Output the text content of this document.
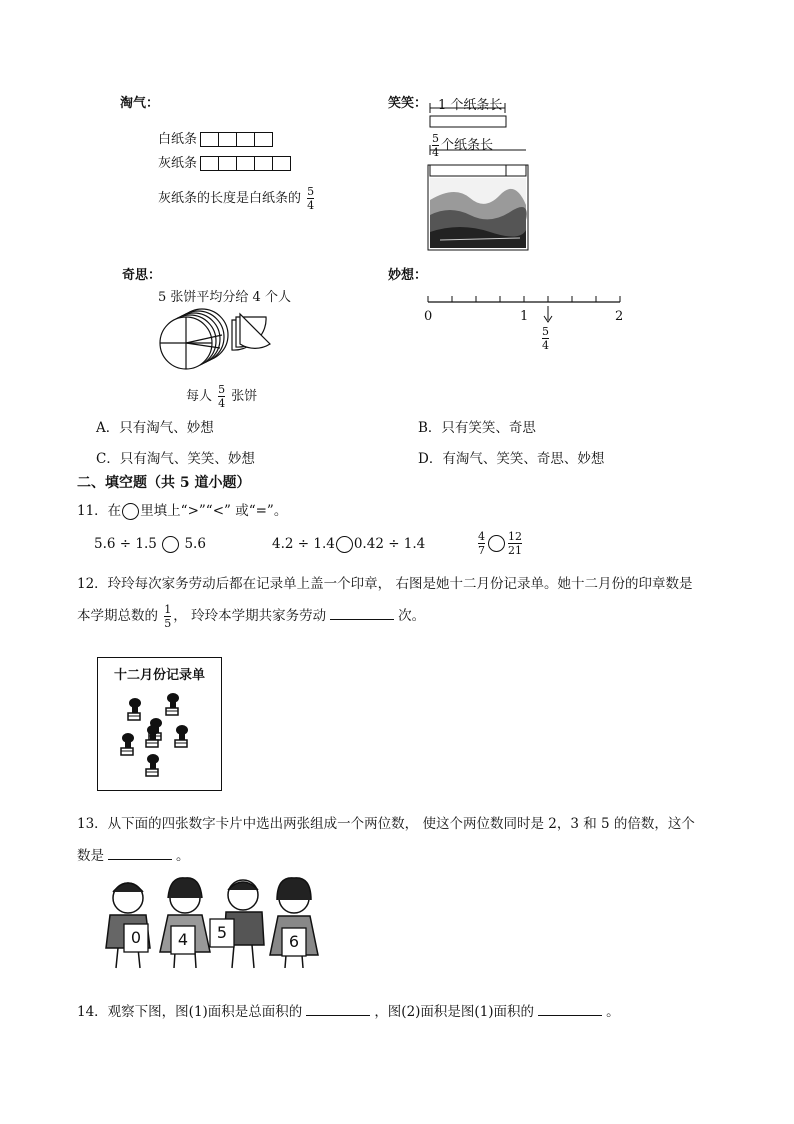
淘气：
白纸条
灰纸条
灰纸条的长度是白纸条的 $\frac{5}{4}$
笑笑： 1 个纸条长
$\frac{5}{4}$ 个纸条长
奇思：
5 张饼平均分给 4 个人
每人 $\frac{5}{4}$ 张饼
妙想：
0	1	2
$\frac{5}{4}$
A．只有淘气、妙想	B．只有笑笑、奇思
C．只有淘气、笑笑、妙想	D．有淘气、笑笑、奇思、妙想
二、填空题（共 5 道小题）
11．在 里填上“>”“<” 或“=”。
5.6 ÷ 1.5 5.6	4.2 ÷ 1.4 0.42 ÷ 1.4	$\frac{4}{7} \frac{12}{21}$
12．玲玲每次家务劳动后都在记录单上盖一个印章， 右图是她十二月份记录单。她十二月份的印章数是
本学期总数的 $\frac{1}{5}$ ， 玲玲本学期共家务劳动	次。
十二月份记录单
13．从下面的四张数字卡片中选出两张组成一个两位数， 使这个两位数同时是 2，3 和 5 的倍数，这个
数是	。
0	4	5	6
14．观察下图，图(1)面积是总面积的	，图(2)面积是图(1)面积的	。
